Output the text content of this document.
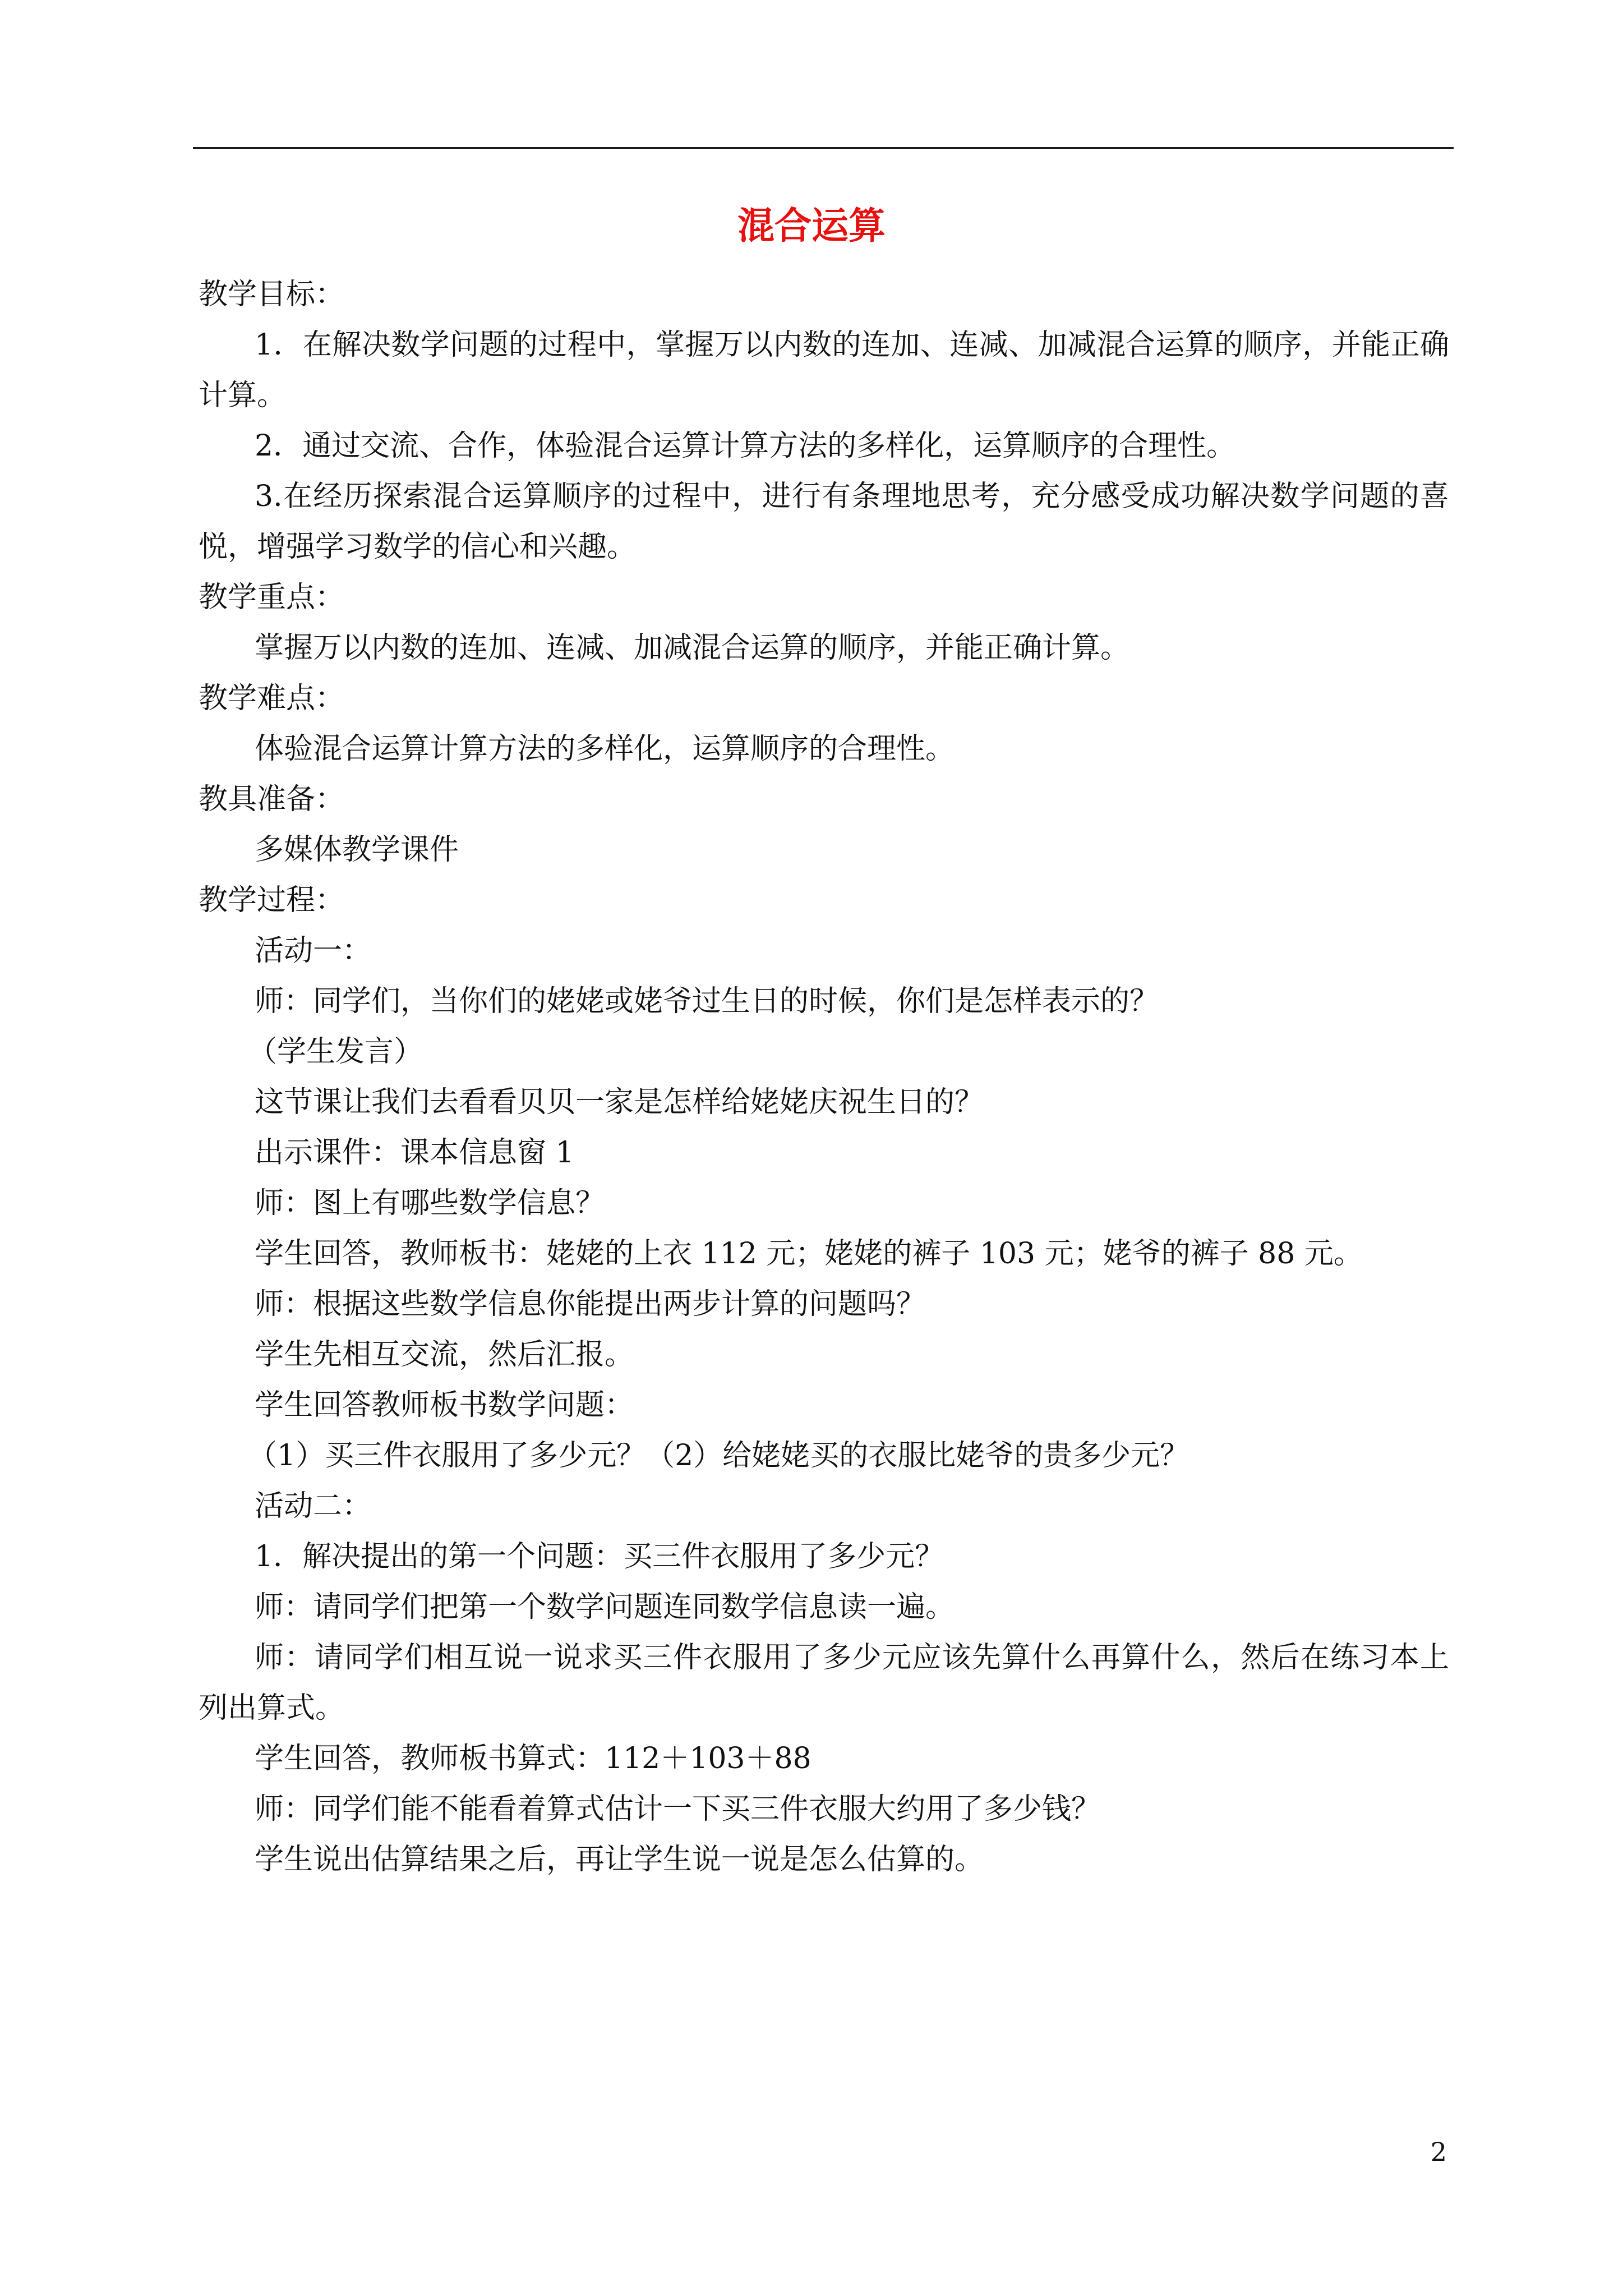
混合运算
教学目标：
1．在解决数学问题的过程中，掌握万以内数的连加、连减、加减混合运算的顺序，并能正确计算。
2．通过交流、合作，体验混合运算计算方法的多样化，运算顺序的合理性。
3.在经历探索混合运算顺序的过程中，进行有条理地思考，充分感受成功解决数学问题的喜悦，增强学习数学的信心和兴趣。
教学重点：
掌握万以内数的连加、连减、加减混合运算的顺序，并能正确计算。
教学难点：
体验混合运算计算方法的多样化，运算顺序的合理性。
教具准备：
多媒体教学课件
教学过程：
活动一：
师：同学们，当你们的姥姥或姥爷过生日的时候，你们是怎样表示的？
（学生发言）
这节课让我们去看看贝贝一家是怎样给姥姥庆祝生日的？
出示课件：课本信息窗 1
师：图上有哪些数学信息？
学生回答，教师板书：姥姥的上衣 112 元；姥姥的裤子 103 元；姥爷的裤子 88 元。
师：根据这些数学信息你能提出两步计算的问题吗？
学生先相互交流，然后汇报。
学生回答教师板书数学问题：
（1）买三件衣服用了多少元？（2）给姥姥买的衣服比姥爷的贵多少元？
活动二：
1．解决提出的第一个问题：买三件衣服用了多少元？
师：请同学们把第一个数学问题连同数学信息读一遍。
师：请同学们相互说一说求买三件衣服用了多少元应该先算什么再算什么，然后在练习本上列出算式。
学生回答，教师板书算式：112＋103＋88
师：同学们能不能看着算式估计一下买三件衣服大约用了多少钱？
学生说出估算结果之后，再让学生说一说是怎么估算的。
2
